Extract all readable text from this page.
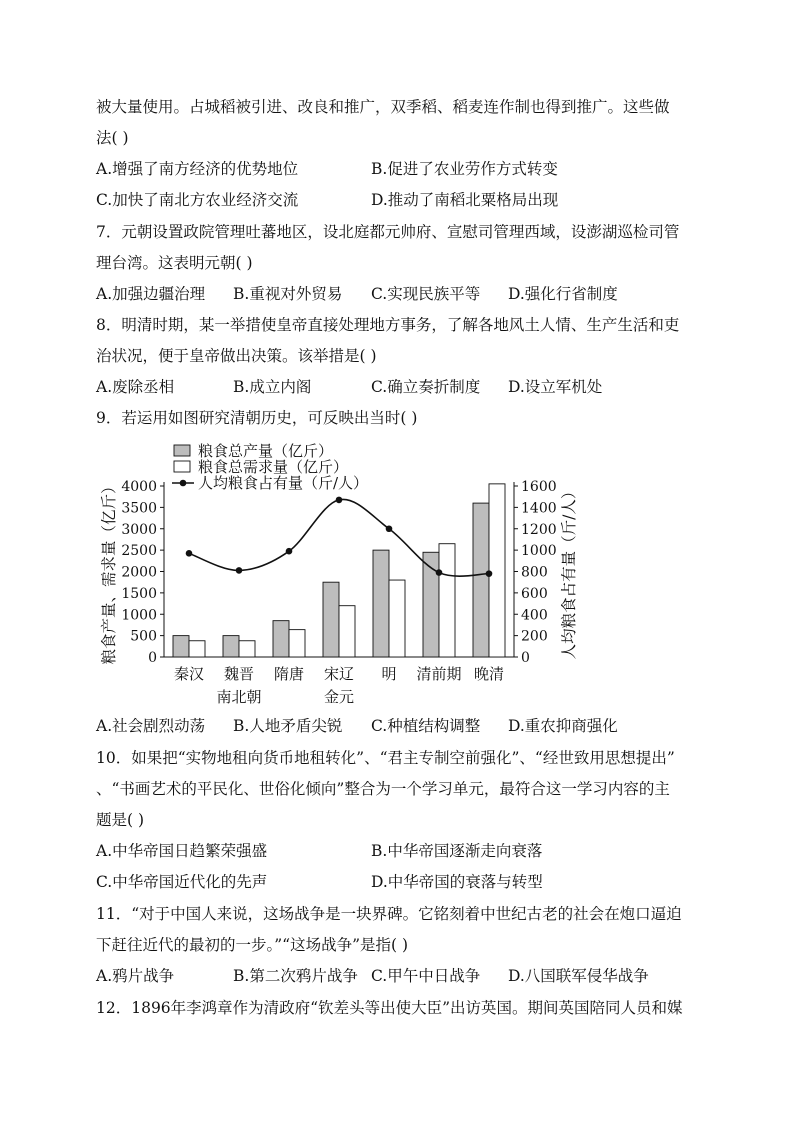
被大量使用。占城稻被引进、改良和推广，双季稻、稻麦连作制也得到推广。这些做
法( )
A.增强了南方经济的优势地位	B.促进了农业劳作方式转变
C.加快了南北方农业经济交流	D.推动了南稻北粟格局出现
7．元朝设置政院管理吐蕃地区，设北庭都元帅府、宣慰司管理西域，设澎湖巡检司管
理台湾。这表明元朝( )
A.加强边疆治理 B.重视对外贸易 C.实现民族平等 D.强化行省制度
8．明清时期，某一举措使皇帝直接处理地方事务，了解各地风土人情、生产生活和吏
治状况，便于皇帝做出决策。该举措是( )
A.废除丞相	B.成立内阁	C.确立奏折制度 D.设立军机处
9．若运用如图研究清朝历史，可反映出当时( )
粮食总产量（亿斤）
粮食总需求量（亿斤）
人均粮食占有量（斤/人）
0
500
1000
1500
2000
2500
3000
3500
4000
0
200
400
600
800
1000
1200
1400
1600
粮食产量、需求量（亿斤）	人均粮食占有量（斤/人）
秦汉 魏晋
南北朝
隋唐 宋辽
金元
明 清前期 晚清
A.社会剧烈动荡 B.人地矛盾尖锐 C.种植结构调整 D.重农抑商强化
10．如果把“实物地租向货币地租转化”、“君主专制空前强化”、“经世致用思想提出”
、“书画艺术的平民化、世俗化倾向”整合为一个学习单元，最符合这一学习内容的主
题是( )
A.中华帝国日趋繁荣强盛	B.中华帝国逐渐走向衰落
C.中华帝国近代化的先声	D.中华帝国的衰落与转型
11．“对于中国人来说，这场战争是一块界碑。它铭刻着中世纪古老的社会在炮口逼迫
下赶往近代的最初的一步。”“这场战争”是指( )
A.鸦片战争	B.第二次鸦片战争 C.甲午中日战争 D.八国联军侵华战争
12．1896年李鸿章作为清政府“钦差头等出使大臣”出访英国。期间英国陪同人员和媒
